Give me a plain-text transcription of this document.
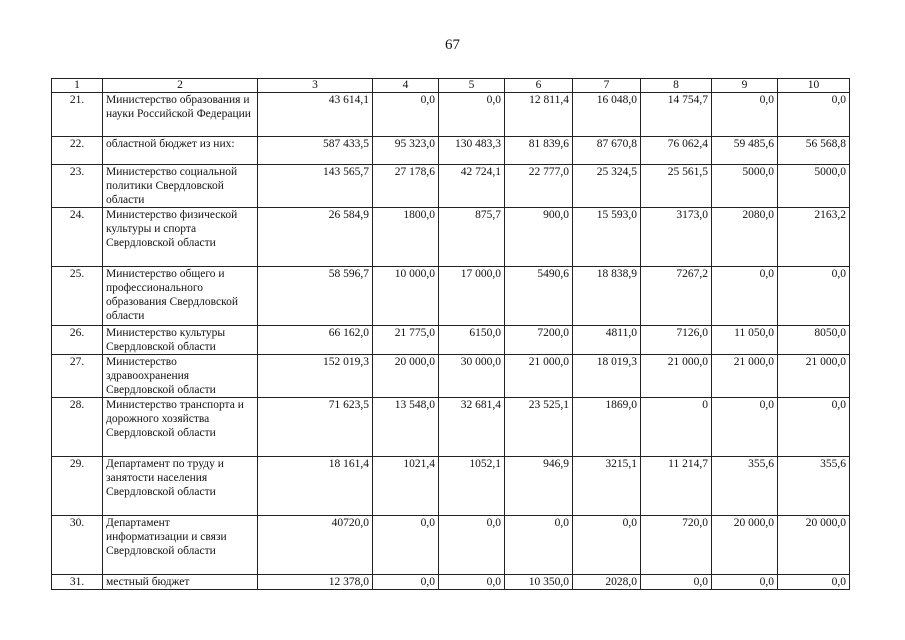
67
1	2	3	4	5	6	7	8	9	10
21.	Министерство образования и науки Российской Федерации	43 614,1	0,0	0,0	12 811,4	16 048,0	14 754,7	0,0	0,0
22.	областной бюджет из них:	587 433,5	95 323,0	130 483,3	81 839,6	87 670,8	76 062,4	59 485,6	56 568,8
23.	Министерство социальной политики Свердловской области	143 565,7	27 178,6	42 724,1	22 777,0	25 324,5	25 561,5	5000,0	5000,0
24.	Министерство физической культуры и спорта Свердловской области	26 584,9	1800,0	875,7	900,0	15 593,0	3173,0	2080,0	2163,2
25.	Министерство общего и профессионального образования Свердловской области	58 596,7	10 000,0	17 000,0	5490,6	18 838,9	7267,2	0,0	0,0
26.	Министерство культуры Свердловской области	66 162,0	21 775,0	6150,0	7200,0	4811,0	7126,0	11 050,0	8050,0
27.	Министерство здравоохранения Свердловской области	152 019,3	20 000,0	30 000,0	21 000,0	18 019,3	21 000,0	21 000,0	21 000,0
28.	Министерство транспорта и дорожного хозяйства Свердловской области	71 623,5	13 548,0	32 681,4	23 525,1	1869,0	0	0,0	0,0
29.	Департамент по труду и занятости населения Свердловской области	18 161,4	1021,4	1052,1	946,9	3215,1	11 214,7	355,6	355,6
30.	Департамент информатизации и связи Свердловской области	40720,0	0,0	0,0	0,0	0,0	720,0	20 000,0	20 000,0
31.	местный бюджет	12 378,0	0,0	0,0	10 350,0	2028,0	0,0	0,0	0,0
